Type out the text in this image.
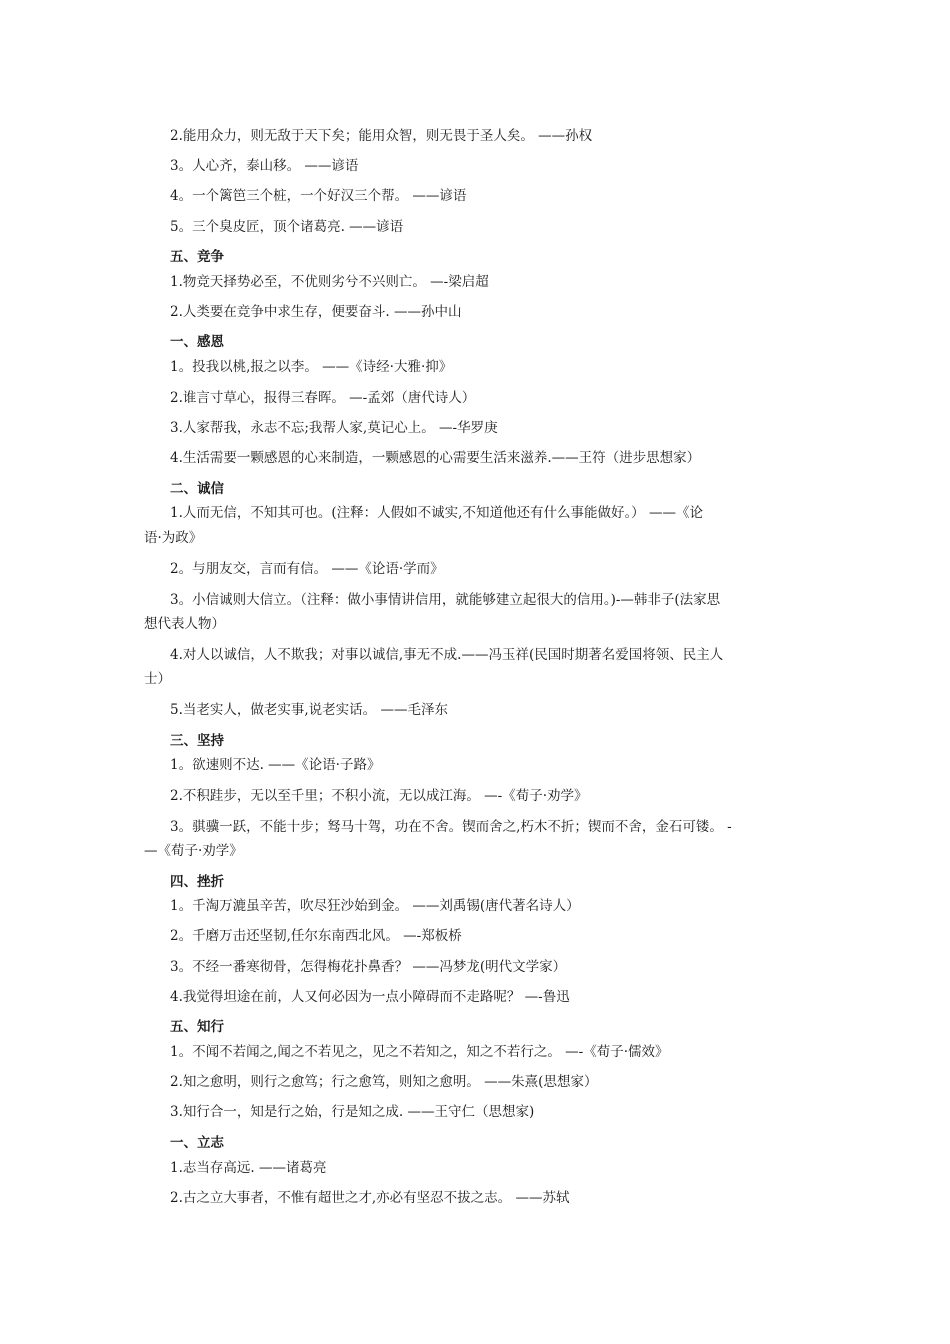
2.能用众力，则无敌于天下矣；能用众智，则无畏于圣人矣。 ——孙权
3。人心齐，泰山移。 ——谚语
4。一个篱笆三个桩，一个好汉三个帮。 ——谚语
5。三个臭皮匠，顶个诸葛亮. ——谚语
五、竞争
1.物竞天择势必至，不优则劣兮不兴则亡。 —-梁启超
2.人类要在竞争中求生存，便要奋斗. ——孙中山
一、感恩
1。投我以桃,报之以李。 ——《诗经·大雅·抑》
2.谁言寸草心，报得三春晖。 —-孟郊（唐代诗人）
3.人家帮我，永志不忘;我帮人家,莫记心上。 —-华罗庚
4.生活需要一颗感恩的心来制造，一颗感恩的心需要生活来滋养.——王符（进步思想家）
二、诚信
1.人而无信，不知其可也。(注释：人假如不诚实,不知道他还有什么事能做好。） ——《论
语·为政》
2。与朋友交，言而有信。 ——《论语·学而》
3。小信诚则大信立。（注释：做小事情讲信用，就能够建立起很大的信用。)-—韩非子(法家思
想代表人物）
4.对人以诚信，人不欺我；对事以诚信,事无不成.——冯玉祥(民国时期著名爱国将领、民主人
士）
5.当老实人，做老实事,说老实话。 ——毛泽东
三、坚持
1。欲速则不达. ——《论语·子路》
2.不积跬步，无以至千里；不积小流，无以成江海。 —-《荀子·劝学》
3。骐骥一跃，不能十步；驽马十驾，功在不舍。锲而舍之,朽木不折；锲而不舍，金石可镂。 -
—《荀子·劝学》
四、挫折
1。千淘万漉虽辛苦，吹尽狂沙始到金。 ——刘禹锡(唐代著名诗人）
2。千磨万击还坚韧,任尔东南西北风。 —-郑板桥
3。不经一番寒彻骨，怎得梅花扑鼻香？ ——冯梦龙(明代文学家）
4.我觉得坦途在前，人又何必因为一点小障碍而不走路呢？ —-鲁迅
五、知行
1。不闻不若闻之,闻之不若见之，见之不若知之，知之不若行之。 —-《荀子·儒效》
2.知之愈明，则行之愈笃；行之愈笃，则知之愈明。 ——朱熹(思想家）
3.知行合一，知是行之始，行是知之成. ——王守仁（思想家)
一、立志
1.志当存高远. ——诸葛亮
2.古之立大事者，不惟有超世之才,亦必有坚忍不拔之志。 ——苏轼
